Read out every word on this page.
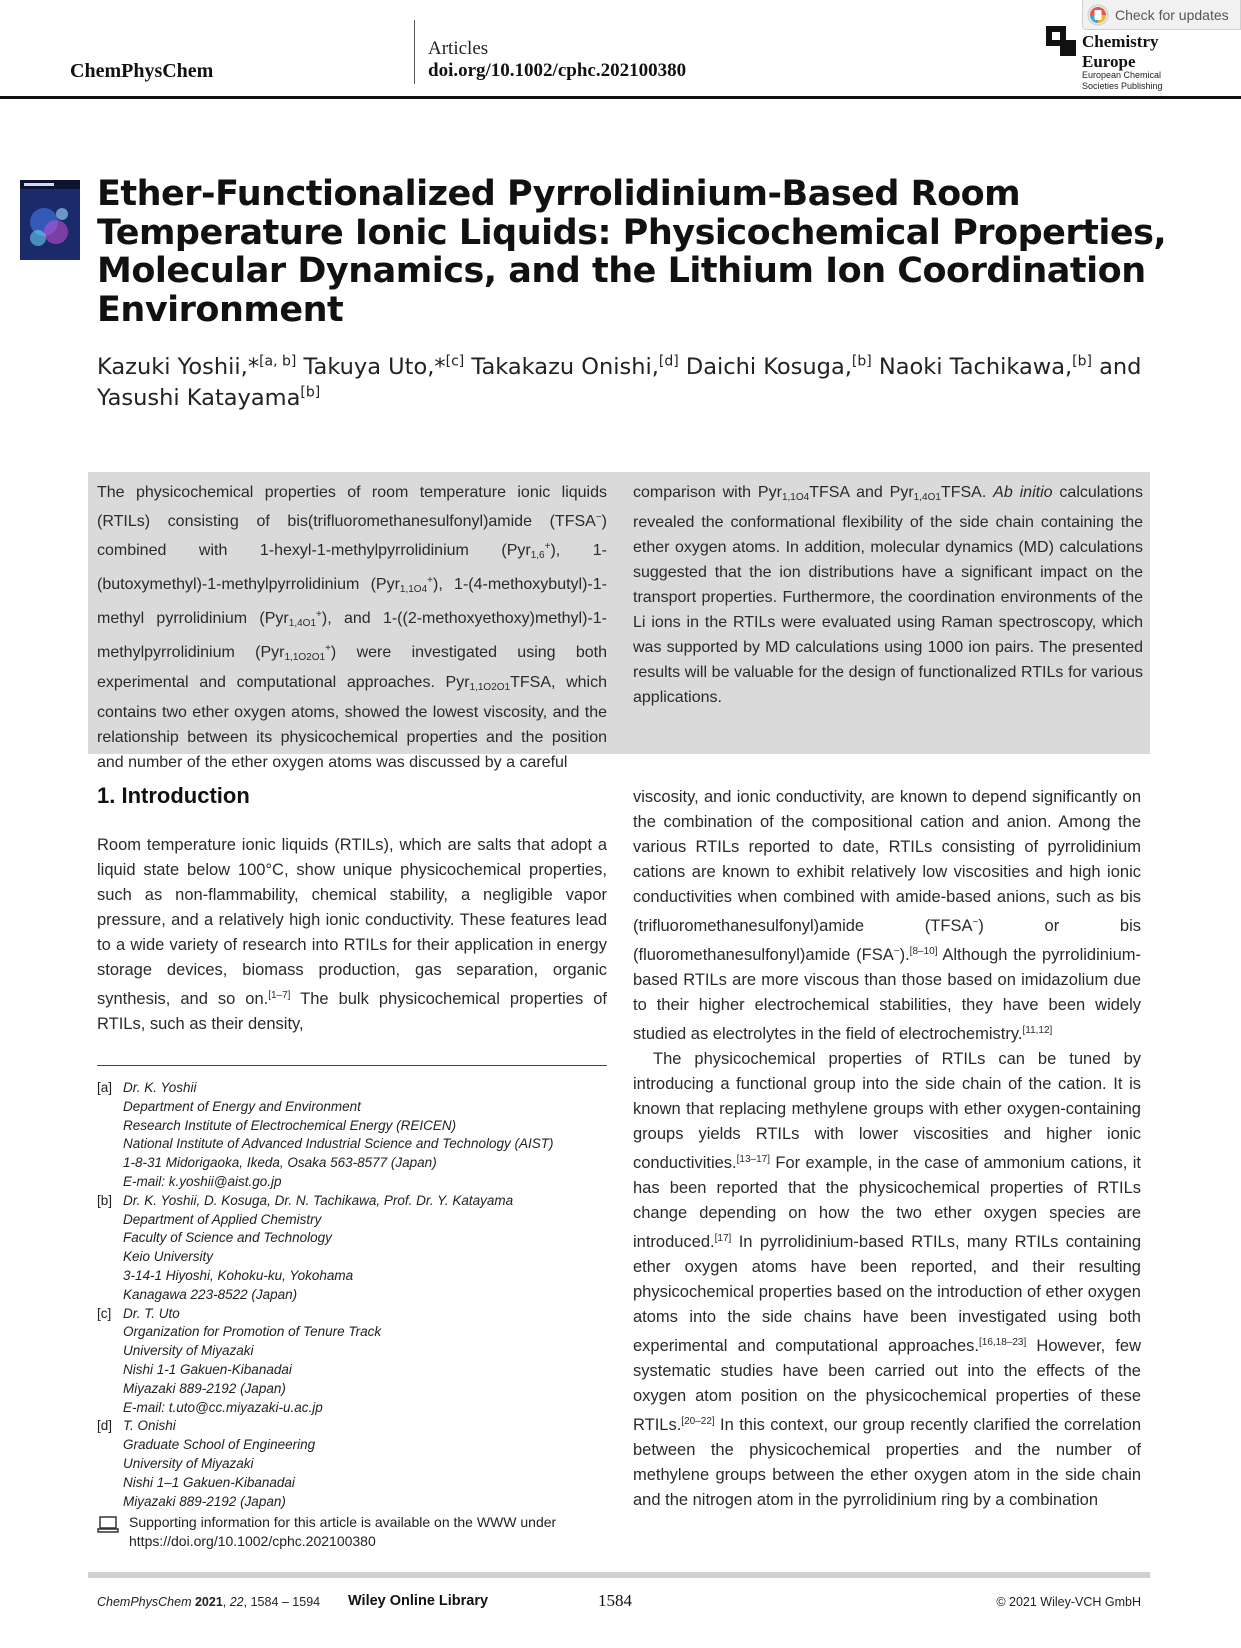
ChemPhysChem
Articles
doi.org/10.1002/cphc.202100380
Chemistry
Europe
European Chemical
Societies Publishing
Check for updates
Ether-Functionalized Pyrrolidinium-Based Room Temperature Ionic Liquids: Physicochemical Properties, Molecular Dynamics, and the Lithium Ion Coordination Environment

Kazuki Yoshii,*[a, b] Takuya Uto,*[c] Takakazu Onishi,[d] Daichi Kosuga,[b] Naoki Tachikawa,[b] and Yasushi Katayama[b]

The physicochemical properties of room temperature ionic liquids (RTILs) consisting of bis(trifluoromethanesulfonyl)amide (TFSA−) combined with 1-hexyl-1-methylpyrrolidinium (Pyr1,6+), 1-(butoxymethyl)-1-methylpyrrolidinium (Pyr1,1O4+), 1-(4-methoxybutyl)-1-methyl pyrrolidinium (Pyr1,4O1+), and 1-((2-methoxyethoxy)methyl)-1-methylpyrrolidinium (Pyr1,1O2O1+) were investigated using both experimental and computational approaches. Pyr1,1O2O1TFSA, which contains two ether oxygen atoms, showed the lowest viscosity, and the relationship between its physicochemical properties and the position and number of the ether oxygen atoms was discussed by a careful
comparison with Pyr1,1O4TFSA and Pyr1,4O1TFSA. Ab initio calculations revealed the conformational flexibility of the side chain containing the ether oxygen atoms. In addition, molecular dynamics (MD) calculations suggested that the ion distributions have a significant impact on the transport properties. Furthermore, the coordination environments of the Li ions in the RTILs were evaluated using Raman spectroscopy, which was supported by MD calculations using 1000 ion pairs. The presented results will be valuable for the design of functionalized RTILs for various applications.
1. Introduction

Room temperature ionic liquids (RTILs), which are salts that adopt a liquid state below 100°C, show unique physicochemical properties, such as non-flammability, chemical stability, a negligible vapor pressure, and a relatively high ionic conductivity. These features lead to a wide variety of research into RTILs for their application in energy storage devices, biomass production, gas separation, organic synthesis, and so on.[1–7] The bulk physicochemical properties of RTILs, such as their density,

viscosity, and ionic conductivity, are known to depend significantly on the combination of the compositional cation and anion. Among the various RTILs reported to date, RTILs consisting of pyrrolidinium cations are known to exhibit relatively low viscosities and high ionic conductivities when combined with amide-based anions, such as bis (trifluoromethanesulfonyl)amide (TFSA−) or bis (fluoromethanesulfonyl)amide (FSA−).[8–10] Although the pyrrolidinium-based RTILs are more viscous than those based on imidazolium due to their higher electrochemical stabilities, they have been widely studied as electrolytes in the field of electrochemistry.[11,12]

The physicochemical properties of RTILs can be tuned by introducing a functional group into the side chain of the cation. It is known that replacing methylene groups with ether oxygen-containing groups yields RTILs with lower viscosities and higher ionic conductivities.[13–17] For example, in the case of ammonium cations, it has been reported that the physicochemical properties of RTILs change depending on how the two ether oxygen species are introduced.[17] In pyrrolidinium-based RTILs, many RTILs containing ether oxygen atoms have been reported, and their resulting physicochemical properties based on the introduction of ether oxygen atoms into the side chains have been investigated using both experimental and computational approaches.[16,18–23] However, few systematic studies have been carried out into the effects of the oxygen atom position on the physicochemical properties of these RTILs.[20–22] In this context, our group recently clarified the correlation between the physicochemical properties and the number of methylene groups between the ether oxygen atom in the side chain and the nitrogen atom in the pyrrolidinium ring by a combination

[a] Dr. K. Yoshii
Department of Energy and Environment
Research Institute of Electrochemical Energy (REICEN)
National Institute of Advanced Industrial Science and Technology (AIST)
1-8-31 Midorigaoka, Ikeda, Osaka 563-8577 (Japan)
E-mail: k.yoshii@aist.go.jp
[b] Dr. K. Yoshii, D. Kosuga, Dr. N. Tachikawa, Prof. Dr. Y. Katayama
Department of Applied Chemistry
Faculty of Science and Technology
Keio University
3-14-1 Hiyoshi, Kohoku-ku, Yokohama
Kanagawa 223-8522 (Japan)
[c] Dr. T. Uto
Organization for Promotion of Tenure Track
University of Miyazaki
Nishi 1-1 Gakuen-Kibanadai
Miyazaki 889-2192 (Japan)
E-mail: t.uto@cc.miyazaki-u.ac.jp
[d] T. Onishi
Graduate School of Engineering
University of Miyazaki
Nishi 1–1 Gakuen-Kibanadai
Miyazaki 889-2192 (Japan)
Supporting information for this article is available on the WWW under https://doi.org/10.1002/cphc.202100380
ChemPhysChem 2021, 22, 1584 – 1594 Wiley Online Library	1584	© 2021 Wiley-VCH GmbH
